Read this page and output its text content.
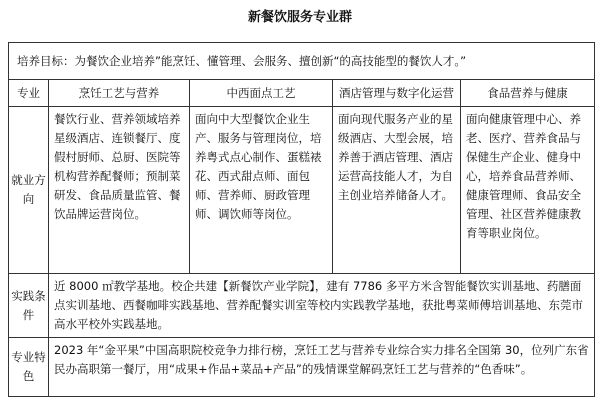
新餐饮服务专业群
培养目标：为餐饮企业培养”能烹饪、懂管理、会服务、擅创新“的高技能型的餐饮人才。”				
专业	烹饪工艺与营养	中西面点工艺	酒店管理与数字化运营	食品营养与健康
就业方向	餐饮行业、营养领域培养星级酒店、连锁餐厅、度假村厨师、总厨、医院等机构营养配餐师；预制菜研发、食品质量监管、餐饮品牌运营岗位。	面向中大型餐饮企业生产、服务与管理岗位，培养粤式点心制作、蛋糕裱花、西式甜点师、面包师、营养师、厨政管理师、调饮师等岗位。	面向现代服务产业的星级酒店、大型会展，培养善于酒店管理、酒店运营高技能人才，为自主创业培养储备人才。	面向健康管理中心、养老、医疗、营养食品与保健生产企业、健身中心，培养食品营养师、健康管理师、食品安全管理、社区营养健康教育等职业岗位。
实践条件	近 8000 ㎡教学基地。校企共建【新餐饮产业学院】，建有 7786 多平方米含智能餐饮实训基地、药膳面点实训基地、西餐咖啡实践基地、营养配餐实训室等校内实践教学基地，获批粤菜师傅培训基地、东莞市高水平校外实践基地。			
专业特色	2023 年“金平果”中国高职院校竞争力排行榜，烹饪工艺与营养专业综合实力排名全国第 30，位列广东省民办高职第一餐厅，用“成果+作品+菜品+产品”的残情课堂解码烹饪工艺与营养的“色香味”。			
